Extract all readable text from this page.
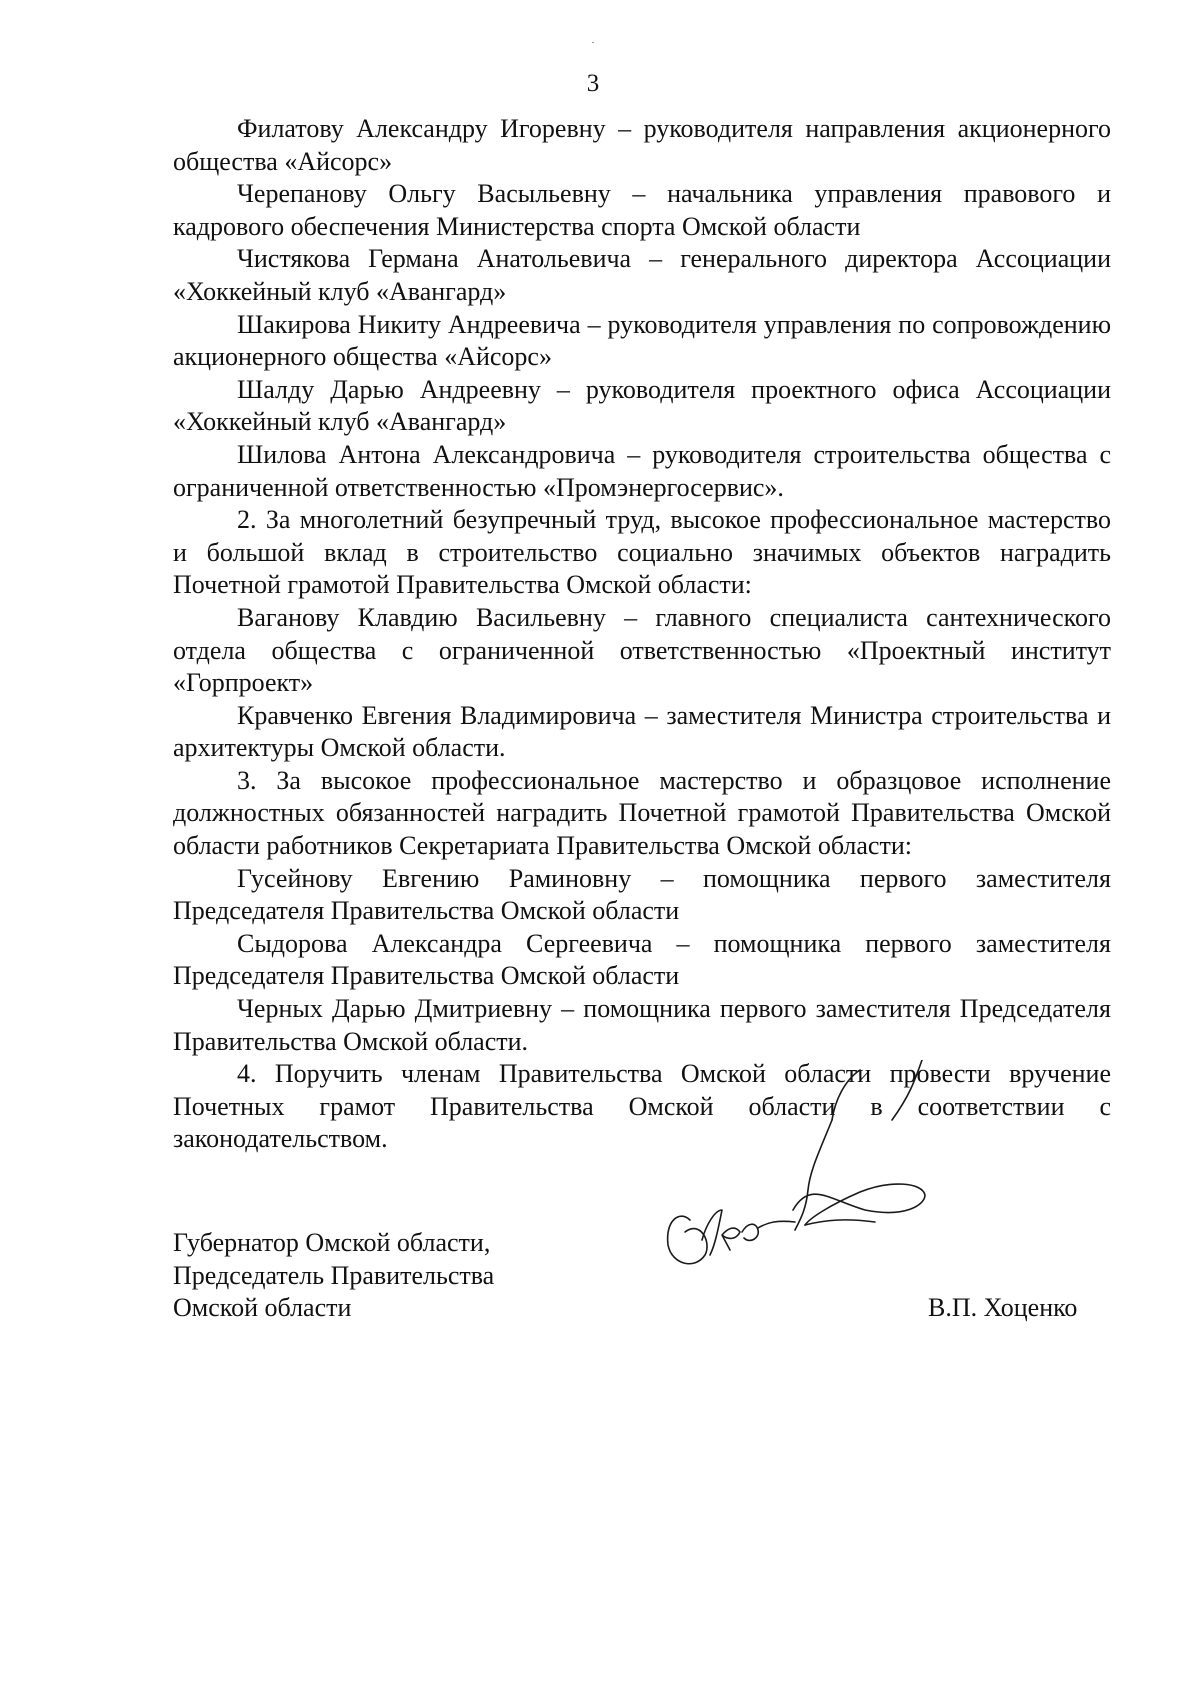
3

Филатову Александру Игоревну – руководителя направления акционерного общества «Айсорс»

Черепанову Ольгу Васыльевну – начальника управления правового и кадрового обеспечения Министерства спорта Омской области

Чистякова Германа Анатольевича – генерального директора Ассоциации «Хоккейный клуб «Авангард»

Шакирова Никиту Андреевича – руководителя управления по сопровождению акционерного общества «Айсорс»

Шалду Дарью Андреевну – руководителя проектного офиса Ассоциации «Хоккейный клуб «Авангард»

Шилова Антона Александровича – руководителя строительства общества с ограниченной ответственностью «Промэнергосервис».

2. За многолетний безупречный труд, высокое профессиональное мастерство и большой вклад в строительство социально значимых объектов наградить Почетной грамотой Правительства Омской области:

Ваганову Клавдию Васильевну – главного специалиста сантехнического отдела общества с ограниченной ответственностью «Проектный институт «Горпроект»

Кравченко Евгения Владимировича – заместителя Министра строительства и архитектуры Омской области.

3. За высокое профессиональное мастерство и образцовое исполнение должностных обязанностей наградить Почетной грамотой Правительства Омской области работников Секретариата Правительства Омской области:

Гусейнову Евгению Раминовну – помощника первого заместителя Председателя Правительства Омской области

Сыдорова Александра Сергеевича – помощника первого заместителя Председателя Правительства Омской области

Черных Дарью Дмитриевну – помощника первого заместителя Председателя Правительства Омской области.

4. Поручить членам Правительства Омской области провести вручение Почетных грамот Правительства Омской области в соответствии с законодательством.

Губернатор Омской области,
Председатель Правительства
Омской области	В.П. Хоценко
